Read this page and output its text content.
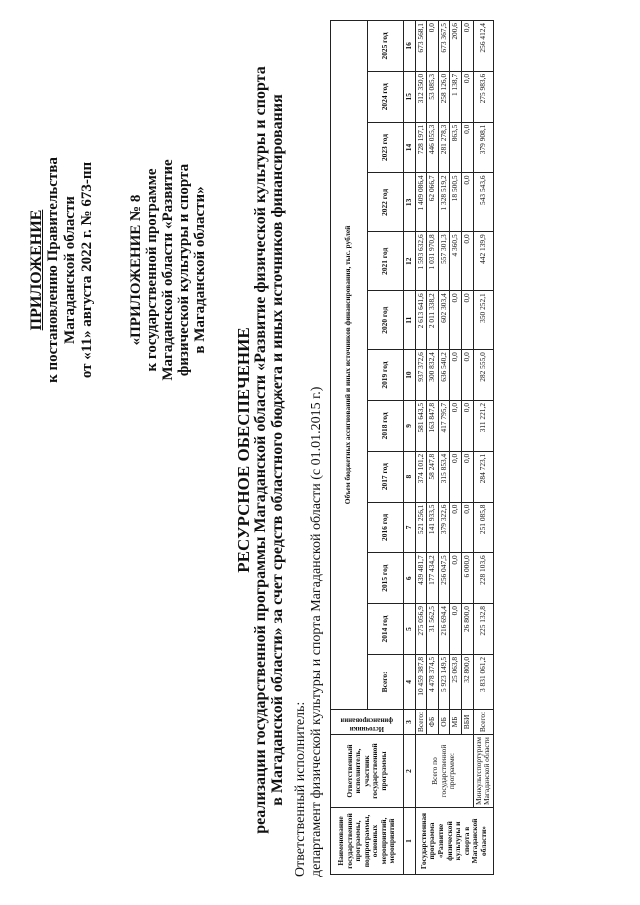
ПРИЛОЖЕНИЕ к постановлению Правительства Магаданской области от «11» августа 2022 г. № 673-пп «ПРИЛОЖЕНИЕ № 8 к государственной программе Магаданской области «Развитие физической культуры и спорта в Магаданской области»
РЕСУРСНОЕ ОБЕСПЕЧЕНИЕ реализации государственной программы Магаданской области «Развитие физической культуры и спорта в Магаданской области» за счет средств областного бюджета и иных источников финансирования Ответственный исполнитель: департамент физической культуры и спорта Магаданской области (с 01.01.2015 г.) Наименование государственной программы, подпрограммы, основных мероприятий, мероприятий	Ответственный исполнитель, участник государственной программы	Источники финансирования	Объем бюджетных ассигнований и иных источников финансирования, тыс. рублей												
			Всего:	2014 год	2015 год	2016 год	2017 год	2018 год	2019 год	2020 год	2021 год	2022 год	2023 год	2024 год	2025 год
1	2	3	4	5	6	7	8	9	10	11	12	13	14	15	16
Государственная программа «Развитие физической культуры и спорта в Магаданской области»	Всего по государственной программе:	Всего:	10 459 387,8	275 056,9	439 481,7	521 256,1	374 101,2	581 643,5	937 372,6	2 613 641,6	1 593 632,6	1 409 086,4	728 197,1	312 350,0	673 568,1
		ФБ	4 478 374,5	31 562,5	177 434,2	141 933,5	58 247,8	163 847,8	300 832,4	2 011 338,2	1 031 970,8	62 066,7	446 055,3	53 085,3	0,0
		ОБ	5 923 149,5	216 694,4	256 047,5	379 322,6	315 853,4	417 795,7	636 540,2	602 303,4	557 301,3	1 328 519,2	281 278,3	258 126,0	673 367,5
		МБ	25 063,8	0,0	0,0	0,0	0,0	0,0	0,0	0,0	4 360,5	18 500,5	863,5	1 138,7	200,6
		ВБИ	32 800,0	26 800,0	6 000,0	0,0	0,0	0,0	0,0	0,0	0,0	0,0	0,0	0,0	0,0
	Минкультспортуризм Магаданской области	Всего:	3 831 061,2	225 132,8	228 103,6	251 085,8	284 723,1	311 221,2	282 555,0	350 252,1	442 139,9	543 543,6	379 908,1	275 983,6	256 412,4
